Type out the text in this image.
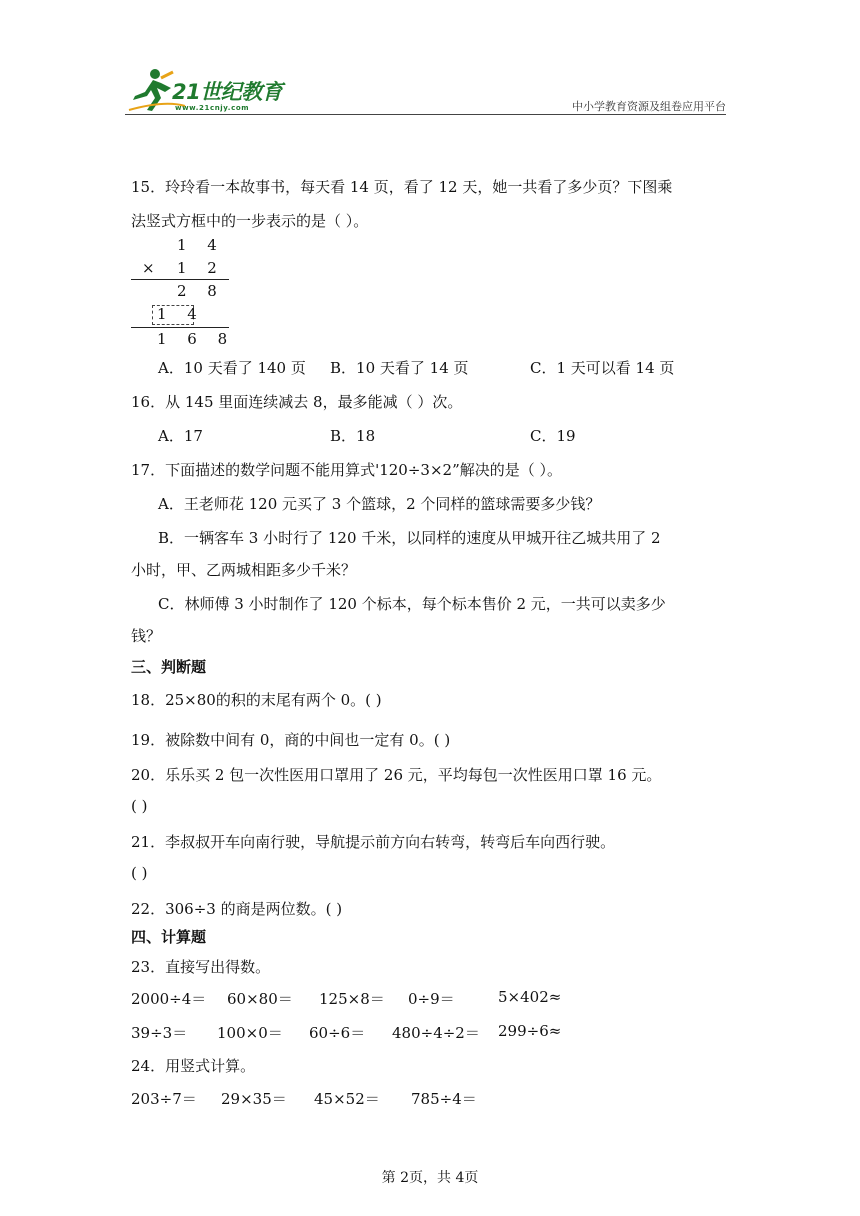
21世纪教育
www.21cnjy.com	中小学教育资源及组卷应用平台
15．玲玲看一本故事书，每天看 14 页，看了 12 天，她一共看了多少页？下图乘
法竖式方框中的一步表示的是（ ）。
1 4
× 1 2
2 8
1 4
1 6 8
A．10 天看了 140 页 B．10 天看了 14 页	C．1 天可以看 14 页
16．从 145 里面连续减去 8，最多能减（ ）次。
A．17	B．18	C．19
17．下面描述的数学问题不能用算式'120÷3×2”解决的是（ ）。
A．王老师花 120 元买了 3 个篮球，2 个同样的篮球需要多少钱？
B．一辆客车 3 小时行了 120 千米，以同样的速度从甲城开往乙城共用了 2
小时，甲、乙两城相距多少千米？
C．林师傅 3 小时制作了 120 个标本，每个标本售价 2 元，一共可以卖多少
钱？
三、判断题
18．25×80的积的末尾有两个 0。( )
19．被除数中间有 0，商的中间也一定有 0。( )
20．乐乐买 2 包一次性医用口罩用了 26 元，平均每包一次性医用口罩 16 元。
( )
21．李叔叔开车向南行驶，导航提示前方向右转弯，转弯后车向西行驶。
( )
22．306÷3 的商是两位数。( )
四、计算题
23．直接写出得数。
2000÷4＝ 60×80＝ 125×8＝ 0÷9＝	5×402≈
39÷3＝ 100×0＝ 60÷6＝ 480÷4÷2＝ 299÷6≈
24．用竖式计算。
203÷7＝ 29×35＝ 45×52＝ 785÷4＝
第 2页，共 4页
